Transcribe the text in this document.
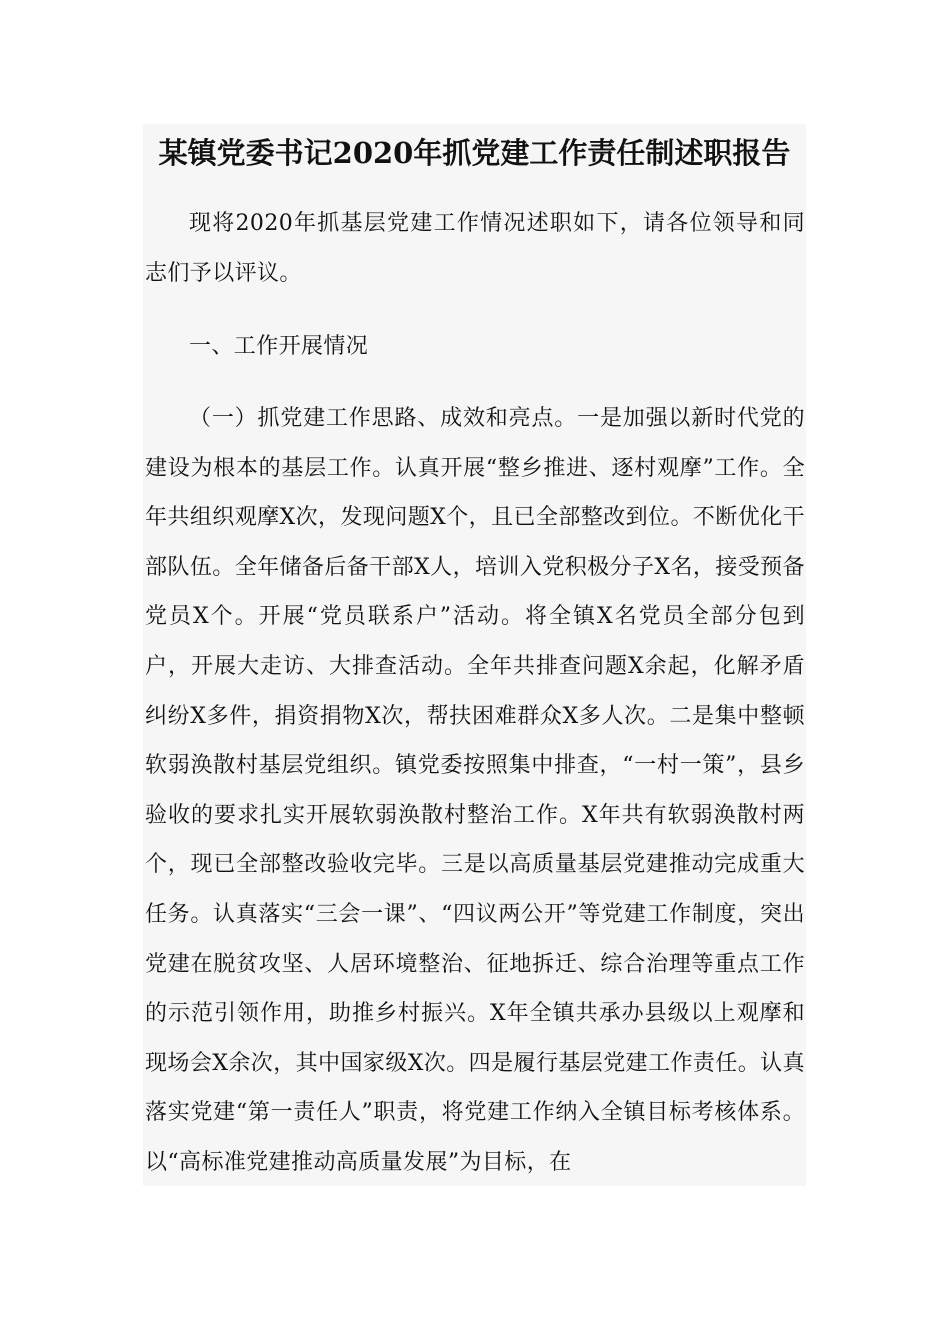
某镇党委书记2020年抓党建工作责任制述职报告

现将2020年抓基层党建工作情况述职如下，请各位领导和同志们予以评议。

一、工作开展情况

（一）抓党建工作思路、成效和亮点。一是加强以新时代党的建设为根本的基层工作。认真开展“整乡推进、逐村观摩”工作。全年共组织观摩X次，发现问题X个，且已全部整改到位。不断优化干部队伍。全年储备后备干部X人，培训入党积极分子X名，接受预备党员X个。开展“党员联系户”活动。将全镇X名党员全部分包到户，开展大走访、大排查活动。全年共排查问题X余起，化解矛盾纠纷X多件，捐资捐物X次，帮扶困难群众X多人次。二是集中整顿软弱涣散村基层党组织。镇党委按照集中排查，“一村一策”，县乡验收的要求扎实开展软弱涣散村整治工作。X年共有软弱涣散村两个，现已全部整改验收完毕。三是以高质量基层党建推动完成重大任务。认真落实“三会一课”、“四议两公开”等党建工作制度，突出党建在脱贫攻坚、人居环境整治、征地拆迁、综合治理等重点工作的示范引领作用，助推乡村振兴。X年全镇共承办县级以上观摩和现场会X余次，其中国家级X次。四是履行基层党建工作责任。认真落实党建“第一责任人”职责，将党建工作纳入全镇目标考核体系。以“高标准党建推动高质量发展”为目标，在
